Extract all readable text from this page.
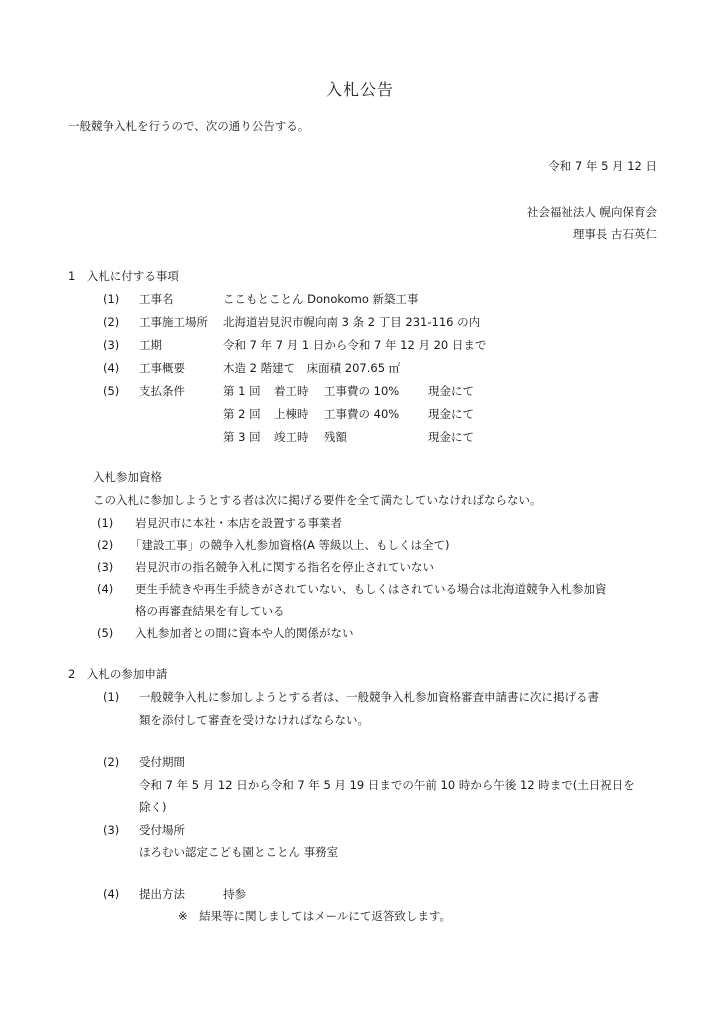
入札公告
一般競争入札を行うので、次の通り公告する。
令和 7 年 5 月 12 日
社会福祉法人 幌向保育会
理事長 古石英仁
1　入札に付する事項
(1) 工事名	ここもとことん Donokomo 新築工事
(2) 工事施工場所 北海道岩見沢市幌向南 3 条 2 丁目 231-116 の内
(3) 工期	令和 7 年 7 月 1 日から令和 7 年 12 月 20 日まで
(4) 工事概要	木造 2 階建て　床面積 207.65 ㎡
(5) 支払条件	第 1 回 着工時 工事費の 10%	現金にて
第 2 回 上棟時 工事費の 40%	現金にて
第 3 回 竣工時 残額	現金にて
入札参加資格
この入札に参加しようとする者は次に掲げる要件を全て満たしていなければならない。
(1) 岩見沢市に本社・本店を設置する事業者
(2) 「建設工事」の競争入札参加資格(A 等級以上、もしくは全て)
(3) 岩見沢市の指名競争入札に関する指名を停止されていない
(4) 更生手続きや再生手続きがされていない、もしくはされている場合は北海道競争入札参加資
格の再審査結果を有している
(5) 入札参加者との間に資本や人的関係がない
2　入札の参加申請
(1) 一般競争入札に参加しようとする者は、一般競争入札参加資格審査申請書に次に掲げる書
類を添付して審査を受けなければならない。
(2) 受付期間
令和 7 年 5 月 12 日から令和 7 年 5 月 19 日までの午前 10 時から午後 12 時まで(土日祝日を
除く)
(3) 受付場所
ほろむい認定こども園とことん 事務室
(4) 提出方法	持参
※　結果等に関しましてはメールにて返答致します。
